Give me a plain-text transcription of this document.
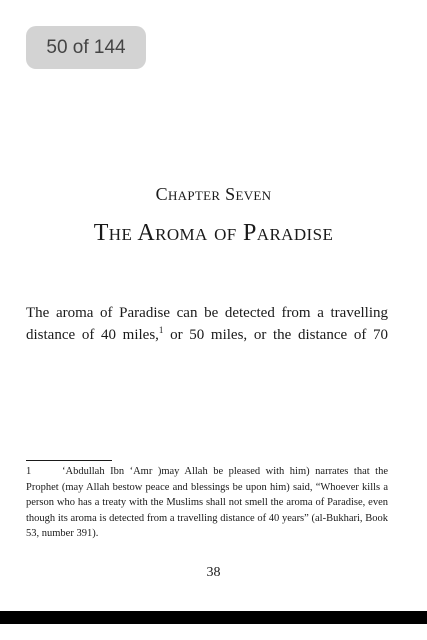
50 of 144
Chapter Seven
The Aroma of Paradise

The aroma of Paradise can be detected from a travelling distance of 40 miles,$^1$ or 50 miles, or the distance of 70

1	‘Abdullah Ibn ‘Amr )may Allah be pleased with him) narrates that the Prophet (may Allah bestow peace and blessings be upon him) said, “Whoever kills a person who has a treaty with the Muslims shall not smell the aroma of Paradise, even though its aroma is detected from a travelling distance of 40 years” (al-Bukhari, Book 53, number 391).

38
